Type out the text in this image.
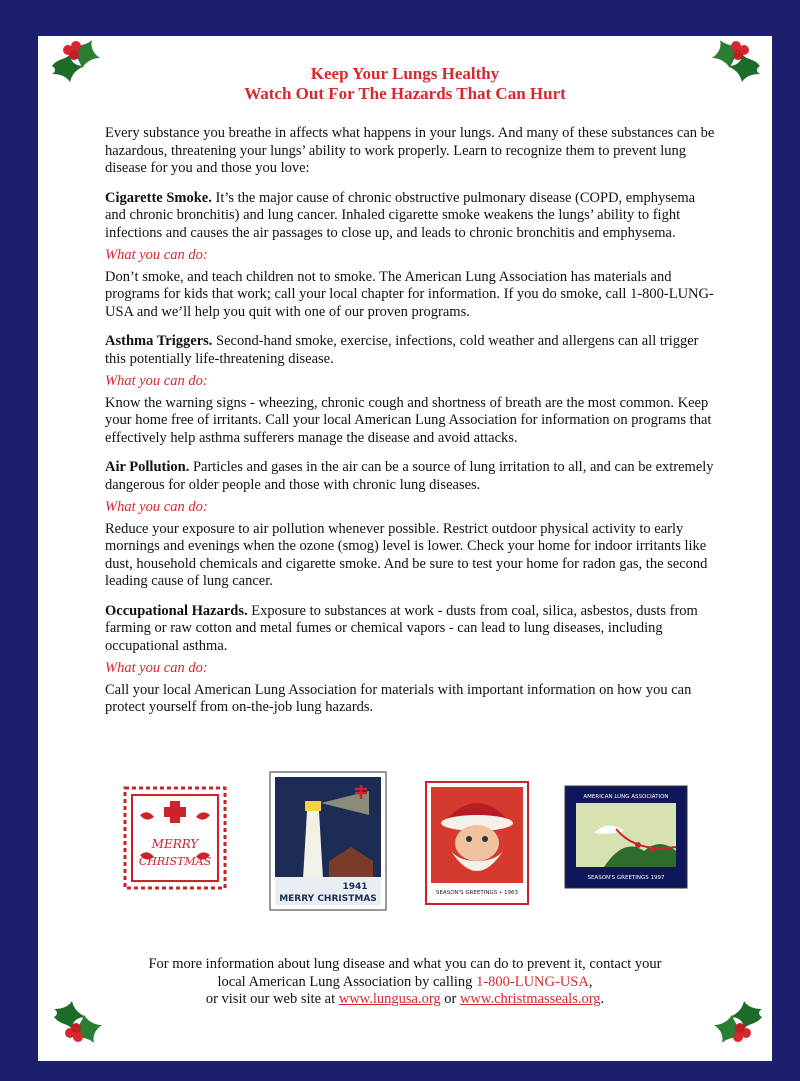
Keep Your Lungs Healthy
Watch Out For The Hazards That Can Hurt

Every substance you breathe in affects what happens in your lungs. And many of these substances can be hazardous, threatening your lungs’ ability to work properly. Learn to recognize them to prevent lung disease for you and those you love:

Cigarette Smoke. It’s the major cause of chronic obstructive pulmonary disease (COPD, emphysema and chronic bronchitis) and lung cancer. Inhaled cigarette smoke weakens the lungs’ ability to fight infections and causes the air passages to close up, and leads to chronic bronchitis and emphysema.

What you can do:

Don’t smoke, and teach children not to smoke. The American Lung Association has materials and programs for kids that work; call your local chapter for information. If you do smoke, call 1-800-LUNG-USA and we’ll help you quit with one of our proven programs.

Asthma Triggers. Second-hand smoke, exercise, infections, cold weather and allergens can all trigger this potentially life-threatening disease.

What you can do:

Know the warning signs - wheezing, chronic cough and shortness of breath are the most common. Keep your home free of irritants. Call your local American Lung Association for information on programs that effectively help asthma sufferers manage the disease and avoid attacks.

Air Pollution. Particles and gases in the air can be a source of lung irritation to all, and can be extremely dangerous for older people and those with chronic lung diseases.

What you can do:

Reduce your exposure to air pollution whenever possible. Restrict outdoor physical activity to early mornings and evenings when the ozone (smog) level is lower. Check your home for indoor irritants like dust, household chemicals and cigarette smoke. And be sure to test your home for radon gas, the second leading cause of lung cancer.

Occupational Hazards. Exposure to substances at work - dusts from coal, silica, asbestos, dusts from farming or raw cotton and metal fumes or chemical vapors - can lead to lung diseases, including occupational asthma.

What you can do:

Call your local American Lung Association for materials with important information on how you can protect yourself from on-the-job lung hazards.

MERRY
CHRISTMAS
1941
MERRY CHRISTMAS
SEASON'S GREETINGS • 1963
AMERICAN LUNG ASSOCIATION
SEASON'S GREETINGS 1997
For more information about lung disease and what you can do to prevent it, contact your
local American Lung Association by calling 1-800-LUNG-USA,
or visit our web site at www.lungusa.org or www.christmasseals.org.
